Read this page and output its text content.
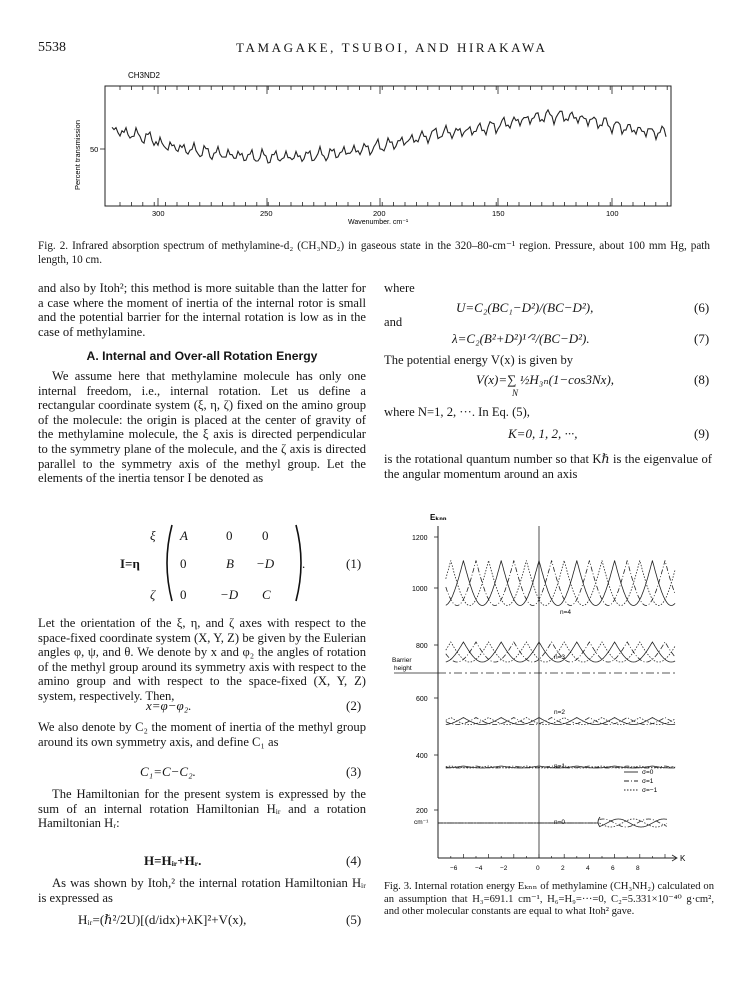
5538	TAMAGAKE, TSUBOI, AND HIRAKAWA
CH3ND2
Percent transmission 50
300	250	200	150	100
Wavenumber, cm⁻¹
Fig. 2. Infrared absorption spectrum of methylamine-d₂ (CH₃ND₂) in gaseous state in the 320–80-cm⁻¹ region. Pressure, about 100 mm Hg, path length, 10 cm.

and also by Itoh²; this method is more suitable than the latter for a case where the moment of inertia of the internal rotor is small and the potential barrier for the internal rotation is low as in the case of methylamine.

A. Internal and Over-all Rotation Energy

We assume here that methylamine molecule has only one internal freedom, i.e., internal rotation. Let us define a rectangular coordinate system (ξ, η, ζ) fixed on the amino group of the molecule: the origin is placed at the center of gravity of the methylamine molecule, the ξ axis is directed perpendicular to the symmetry plane of the molecule, and the ζ axis is directed parallel to the symmetry axis of the methyl group. Let the elements of the inertia tensor I be denoted as

ξ
I=η
ζ
A	0 0
0	B −D
0	−D C
.	(1)

Let the orientation of the ξ, η, and ζ axes with respect to the space-fixed coordinate system (X, Y, Z) be given by the Eulerian angles φ, ψ, and θ. We denote by x and φ₂ the angles of rotation of the methyl group around its symmetry axis with respect to the amino group and with respect to the space-fixed (X, Y, Z) system, respectively. Then,

x=φ−φ₂.	(2)

We also denote by C₂ the moment of inertia of the methyl group around its own symmetry axis, and define C₁ as

C₁=C−C₂.	(3)

The Hamiltonian for the present system is expressed by the sum of an internal rotation Hamiltonian Hᵢᵣ and a rotation Hamiltonian Hᵣ:

H=Hᵢᵣ+Hᵣ.	(4)

As was shown by Itoh,² the internal rotation Hamiltonian Hᵢᵣ is expressed as

Hᵢᵣ=(ℏ²/2U)[(d/idx)+λK]²+V(x),	(5)
where
U=C₂(BC₁−D²)/(BC−D²),	(6)
and
λ=C₂(B²+D²)¹ᐟ²/(BC−D²).	(7)
The potential energy V(x) is given by
V(x)=∑ ½H₃ₙ(1−cos3Nx),
N
(8)
where N=1, 2, ···. In Eq. (5),
K=0, 1, 2, ···,	(9)

is the rotational quantum number so that Kℏ is the eigenvalue of the angular momentum around an axis

Eₖₙₙ
1200
1000
800
600
400
200
cm⁻¹
Barrier
height
n=4
n=3
n=2
n=1
n=0
σ=0
σ=1
σ=−1
−6	−4	−2	0	2	4	6	8
K
Fig. 3. Internal rotation energy Eₖₙₙ of methylamine (CH₃NH₂) calculated on an assumption that H₃=691.1 cm⁻¹, H₆=H₉=···=0, C₂=5.331×10⁻⁴⁰ g·cm², and other molecular constants are equal to what Itoh² gave.
